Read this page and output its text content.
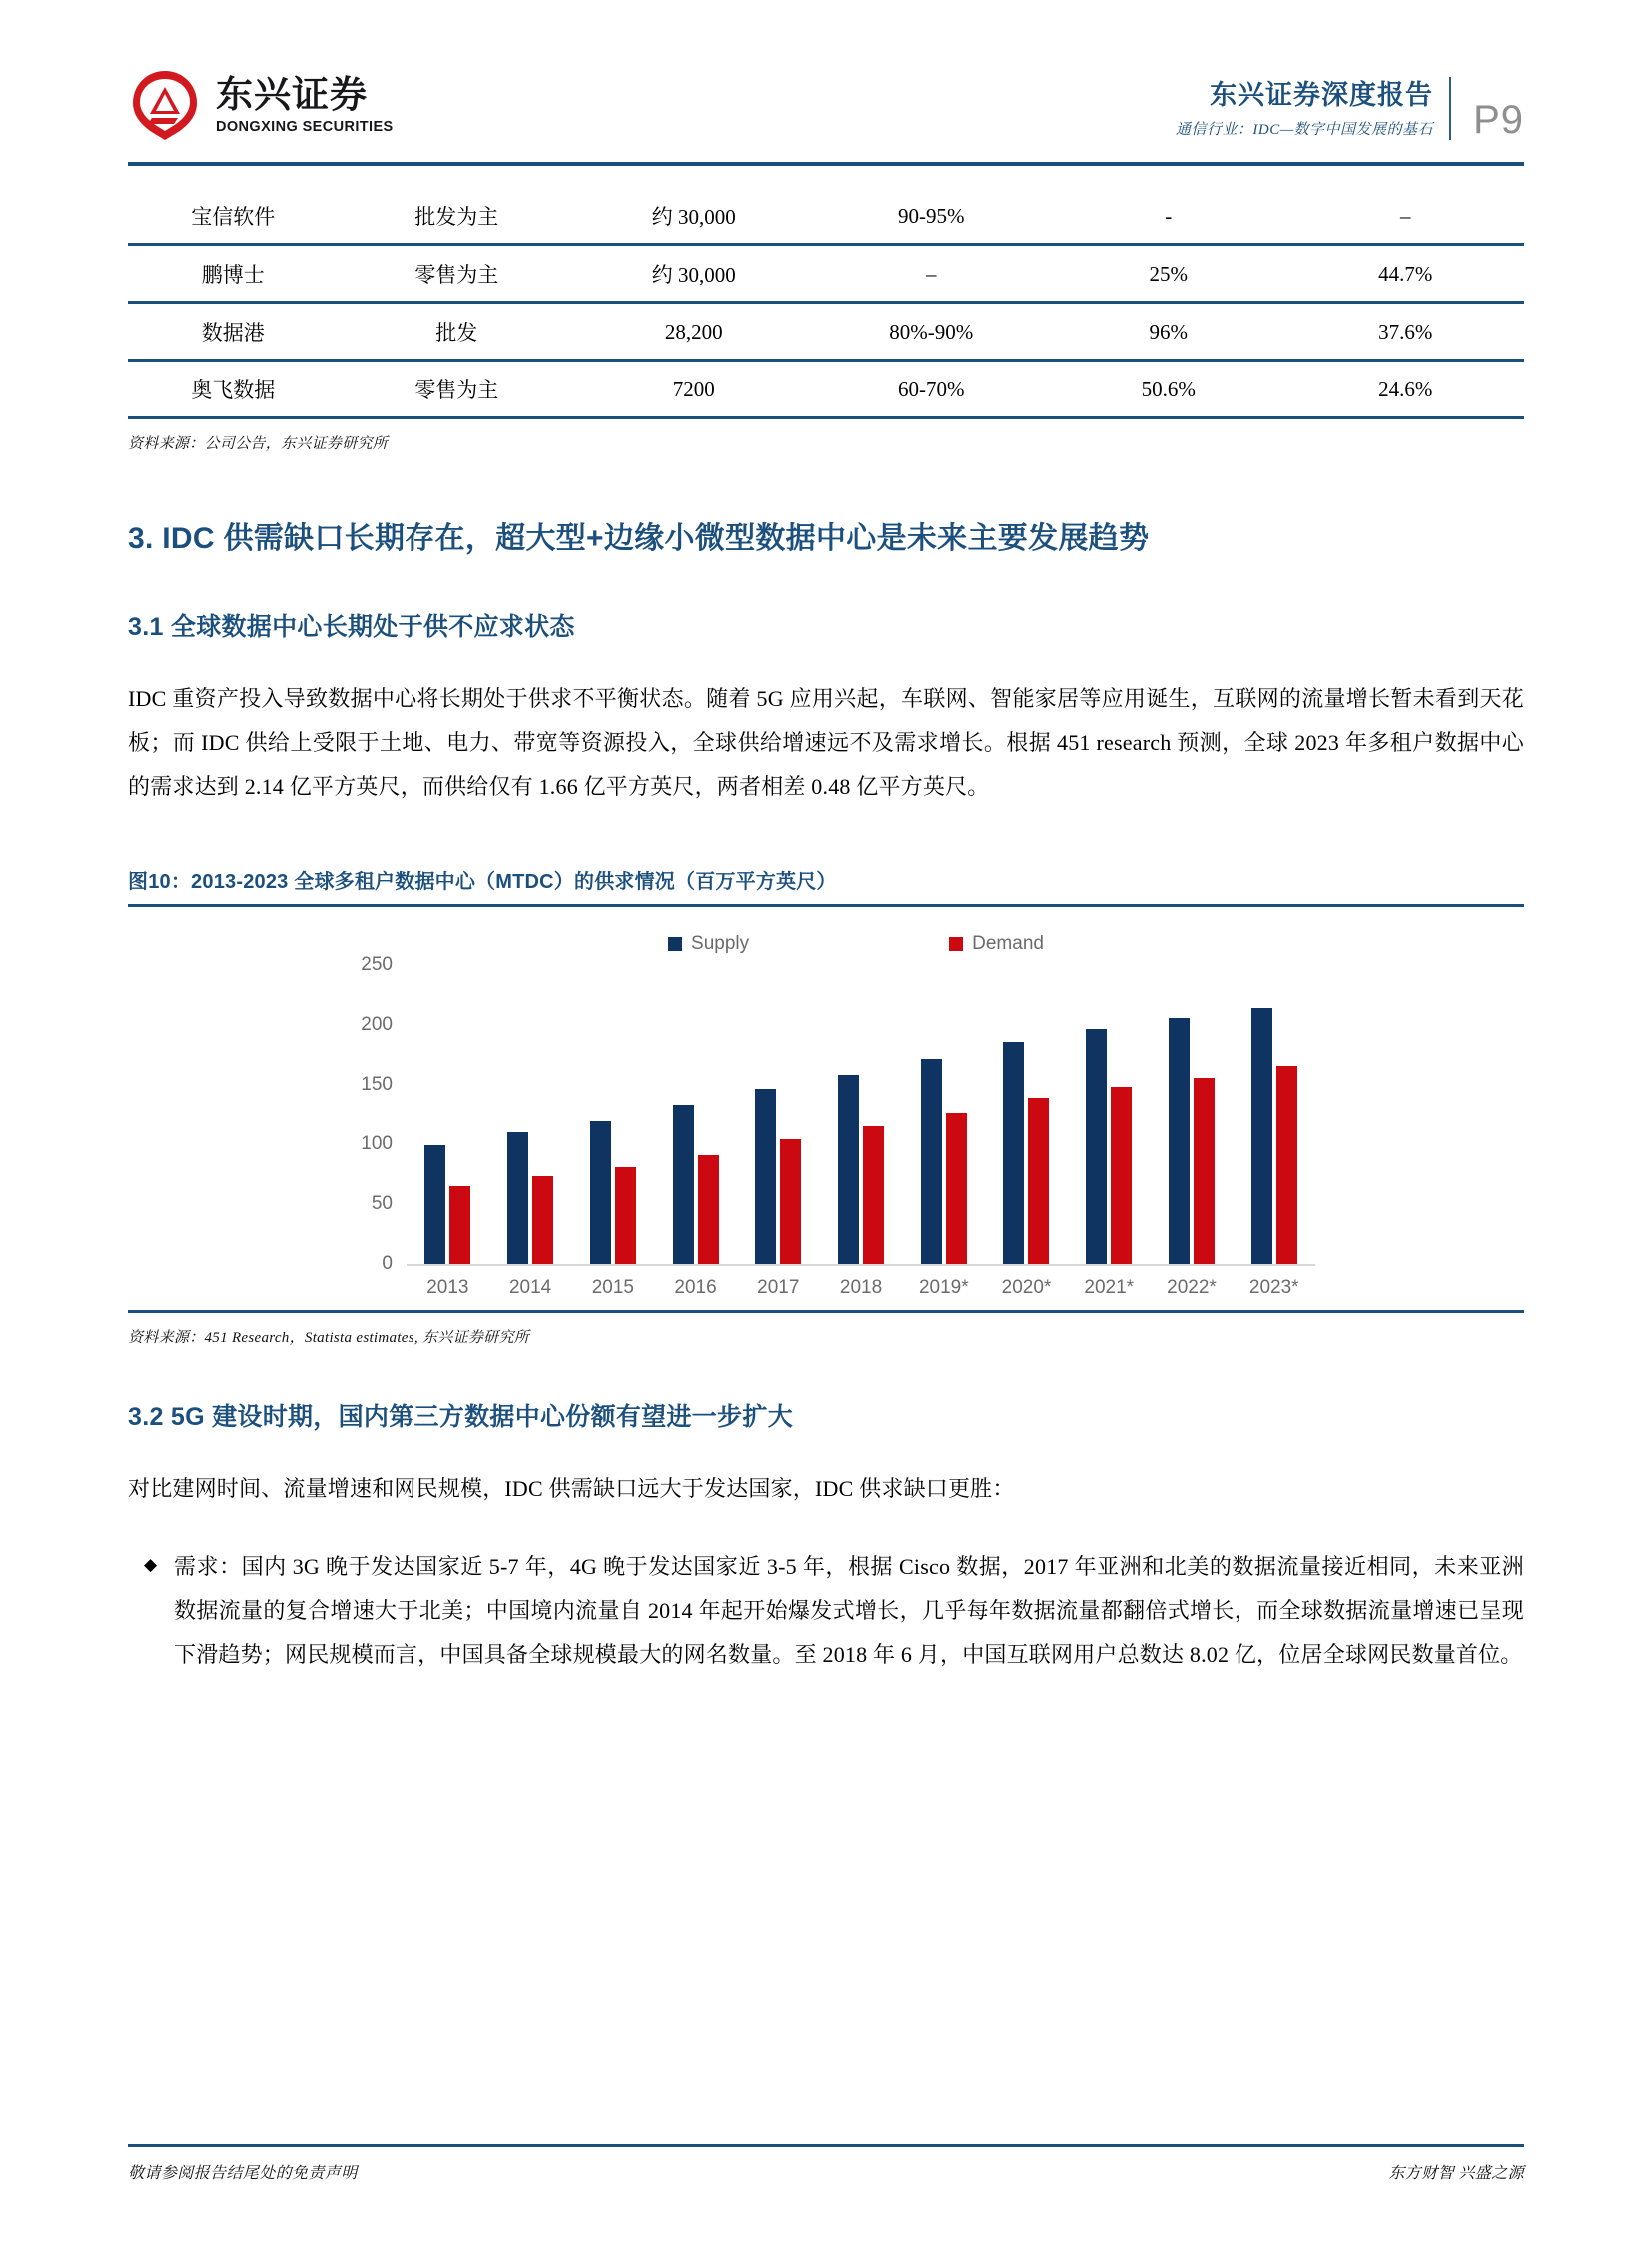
东兴证券
DONGXING SECURITIES
东兴证券深度报告
通信行业：IDC—数字中国发展的基石	P9
宝信软件	批发为主	约 30,000	90-95%	-	–
鹏博士	零售为主	约 30,000	–	25%	44.7%
数据港	批发	28,200	80%-90%	96%	37.6%
奥飞数据	零售为主	7200	60-70%	50.6%	24.6%
资料来源：公司公告，东兴证券研究所
3. IDC 供需缺口长期存在，超大型+边缘小微型数据中心是未来主要发展趋势
3.1 全球数据中心长期处于供不应求状态

IDC 重资产投入导致数据中心将长期处于供求不平衡状态。随着 5G 应用兴起，车联网、智能家居等应用诞生，互联网的流量增长暂未看到天花板；而 IDC 供给上受限于土地、电力、带宽等资源投入，全球供给增速远不及需求增长。根据 451 research 预测，全球 2023 年多租户数据中心的需求达到 2.14 亿平方英尺，而供给仅有 1.66 亿平方英尺，两者相差 0.48 亿平方英尺。

图10：2013-2023 全球多租户数据中心（MTDC）的供求情况（百万平方英尺）
Supply	Demand
0
50
100
150
200
250
2013	2014	2015	2016	2017	2018	2019*	2020*	2021*	2022*	2023*
资料来源：451 Research，Statista estimates, 东兴证券研究所
3.2 5G 建设时期，国内第三方数据中心份额有望进一步扩大

对比建网时间、流量增速和网民规模，IDC 供需缺口远大于发达国家，IDC 供求缺口更胜：

◆ 需求：国内 3G 晚于发达国家近 5-7 年，4G 晚于发达国家近 3-5 年，根据 Cisco 数据，2017 年亚洲和北美的数据流量接近相同，未来亚洲数据流量的复合增速大于北美；中国境内流量自 2014 年起开始爆发式增长，几乎每年数据流量都翻倍式增长，而全球数据流量增速已呈现下滑趋势；网民规模而言，中国具备全球规模最大的网名数量。至 2018 年 6 月，中国互联网用户总数达 8.02 亿，位居全球网民数量首位。
敬请参阅报告结尾处的免责声明	东方财智 兴盛之源
